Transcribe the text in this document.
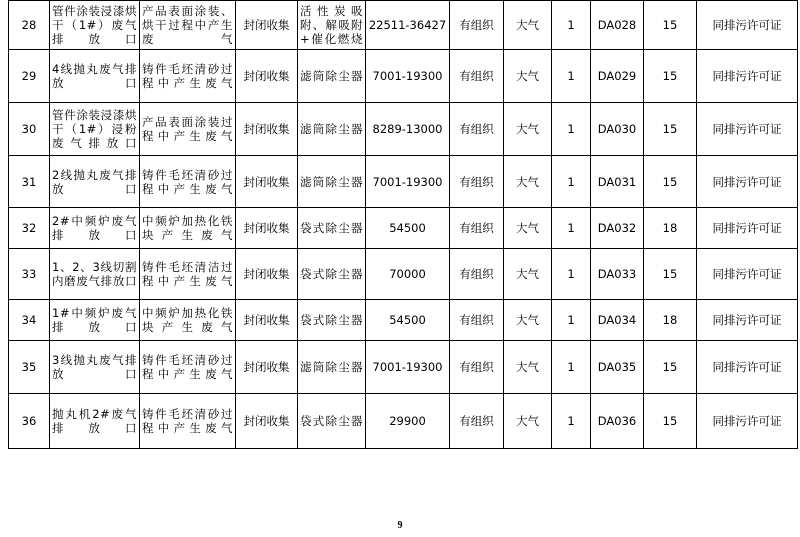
28	管件涂装浸漆烘干（1#）废气排放口	产品表面涂装、烘干过程中产生废气	封闭收集	活性炭吸附、解吸附+催化燃烧	22511-36427	有组织	大气	1	DA028	15	同排污许可证
29	4线抛丸废气排放口	铸件毛坯清砂过程中产生废气	封闭收集	滤筒除尘器	7001-19300	有组织	大气	1	DA029	15	同排污许可证
30	管件涂装浸漆烘干（1#）浸粉废气排放口	产品表面涂装过程中产生废气	封闭收集	滤筒除尘器	8289-13000	有组织	大气	1	DA030	15	同排污许可证
31	2线抛丸废气排放口	铸件毛坯清砂过程中产生废气	封闭收集	滤筒除尘器	7001-19300	有组织	大气	1	DA031	15	同排污许可证
32	2#中频炉废气排放口	中频炉加热化铁块产生废气	封闭收集	袋式除尘器	54500	有组织	大气	1	DA032	18	同排污许可证
33	1、2、3线切割内磨废气排放口	铸件毛坯清洁过程中产生废气	封闭收集	袋式除尘器	70000	有组织	大气	1	DA033	15	同排污许可证
34	1#中频炉废气排放口	中频炉加热化铁块产生废气	封闭收集	袋式除尘器	54500	有组织	大气	1	DA034	18	同排污许可证
35	3线抛丸废气排放口	铸件毛坯清砂过程中产生废气	封闭收集	滤筒除尘器	7001-19300	有组织	大气	1	DA035	15	同排污许可证
36	抛丸机2#废气排放口	铸件毛坯清砂过程中产生废气	封闭收集	袋式除尘器	29900	有组织	大气	1	DA036	15	同排污许可证
9
